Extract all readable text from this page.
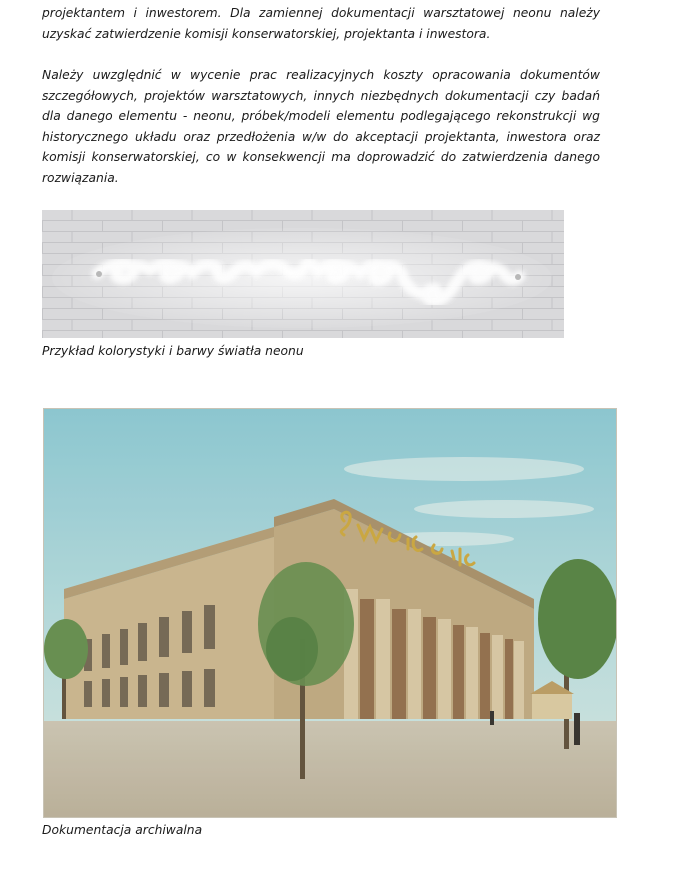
projektantem i inwestorem. Dla zamiennej dokumentacji warsztatowej neonu należy uzyskać zatwierdzenie komisji konserwatorskiej, projektanta i inwestora.

Należy uwzględnić w wycenie prac realizacyjnych koszty opracowania dokumentów szczegółowych, projektów warsztatowych, innych niezbędnych dokumentacji czy badań dla danego elementu - neonu, próbek/modeli elementu podlegającego rekonstrukcji wg historycznego układu oraz przedłożenia w/w do akceptacji projektanta, inwestora oraz komisji konserwatorskiej, co w konsekwencji ma doprowadzić do zatwierdzenia danego rozwiązania.

Przykład kolorystyki i barwy światła neonu

Dokumentacja archiwalna
